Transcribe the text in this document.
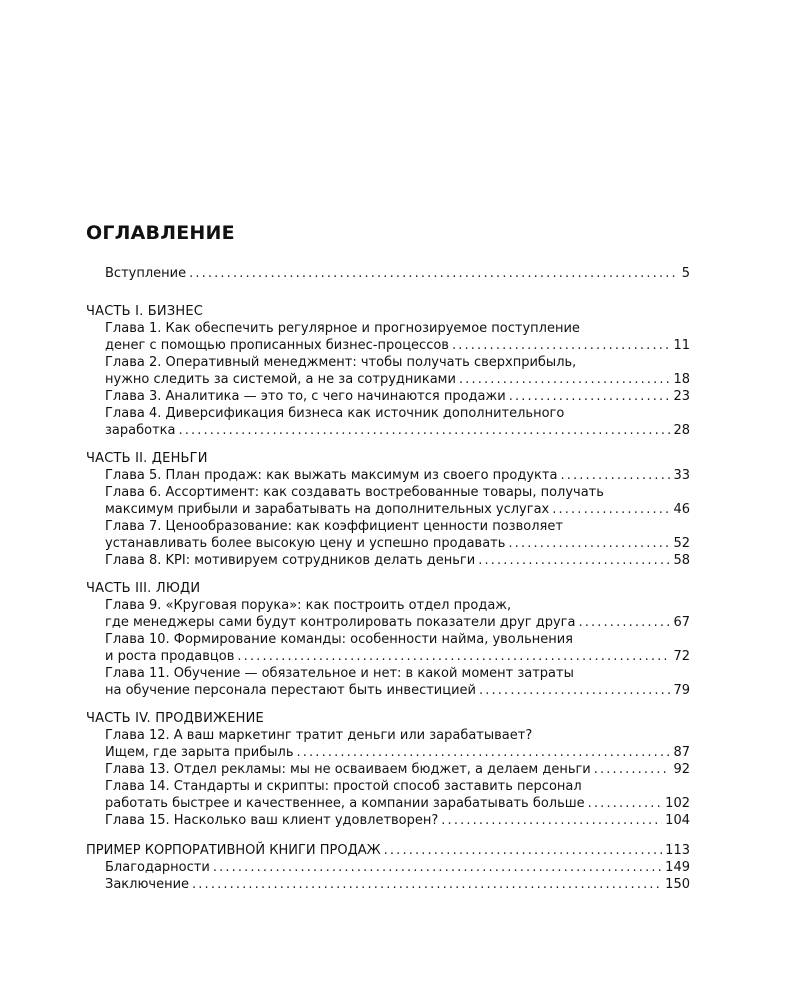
ОГЛАВЛЕНИЕ
Вступление . . .	5
ЧАСТЬ I. БИЗНЕС
Глава 1. Как обеспечить регулярное и прогнозируемое поступление
денег с помощью прописанных бизнес-процессов . . .	11
Глава 2. Оперативный менеджмент: чтобы получать сверхприбыль,
нужно следить за системой, а не за сотрудниками . . .	18
Глава 3. Аналитика — это то, с чего начинаются продажи . . .	23
Глава 4. Диверсификация бизнеса как источник дополнительного
заработка . . .	28
ЧАСТЬ II. ДЕНЬГИ
Глава 5. План продаж: как выжать максимум из своего продукта . . .	33
Глава 6. Ассортимент: как создавать востребованные товары, получать
максимум прибыли и зарабатывать на дополнительных услугах . . .	46
Глава 7. Ценообразование: как коэффициент ценности позволяет
устанавливать более высокую цену и успешно продавать . . .	52
Глава 8. KPI: мотивируем сотрудников делать деньги . . .	58
ЧАСТЬ III. ЛЮДИ
Глава 9. «Круговая порука»: как построить отдел продаж,
где менеджеры сами будут контролировать показатели друг друга . . .	67
Глава 10. Формирование команды: особенности найма, увольнения
и роста продавцов . . .	72
Глава 11. Обучение — обязательное и нет: в какой момент затраты
на обучение персонала перестают быть инвестицией . . .	79
ЧАСТЬ IV. ПРОДВИЖЕНИЕ
Глава 12. А ваш маркетинг тратит деньги или зарабатывает?
Ищем, где зарыта прибыль . . .	87
Глава 13. Отдел рекламы: мы не осваиваем бюджет, а делаем деньги . . .	92
Глава 14. Стандарты и скрипты: простой способ заставить персонал
работать быстрее и качественнее, а компании зарабатывать больше . . .	102
Глава 15. Насколько ваш клиент удовлетворен? . . .	104
ПРИМЕР КОРПОРАТИВНОЙ КНИГИ ПРОДАЖ . . .	113
Благодарности . . .	149
Заключение . . .	150
